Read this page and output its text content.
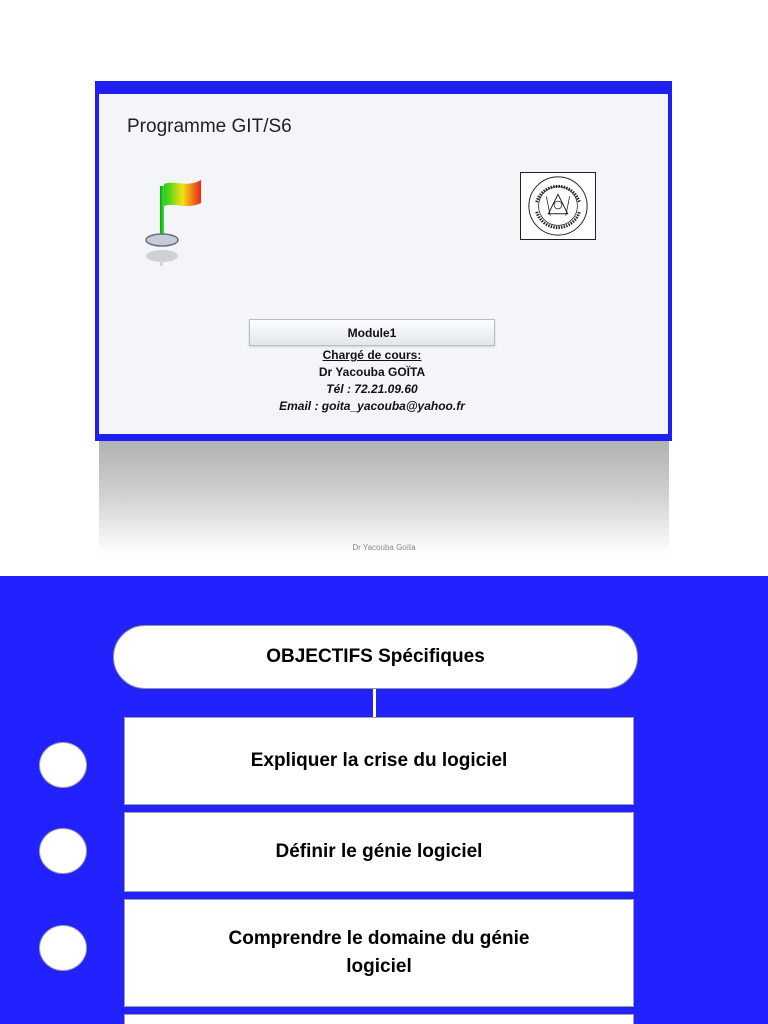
Programme GIT/S6
Module1
Chargé de cours:
Dr Yacouba GOÏTA
Tél : 72.21.09.60
Email : goita_yacouba@yahoo.fr
Dr Yacouba Goïta
OBJECTIFS Spécifiques
Expliquer la crise du logiciel
Définir le génie logiciel
Comprendre le domaine du génie logiciel
